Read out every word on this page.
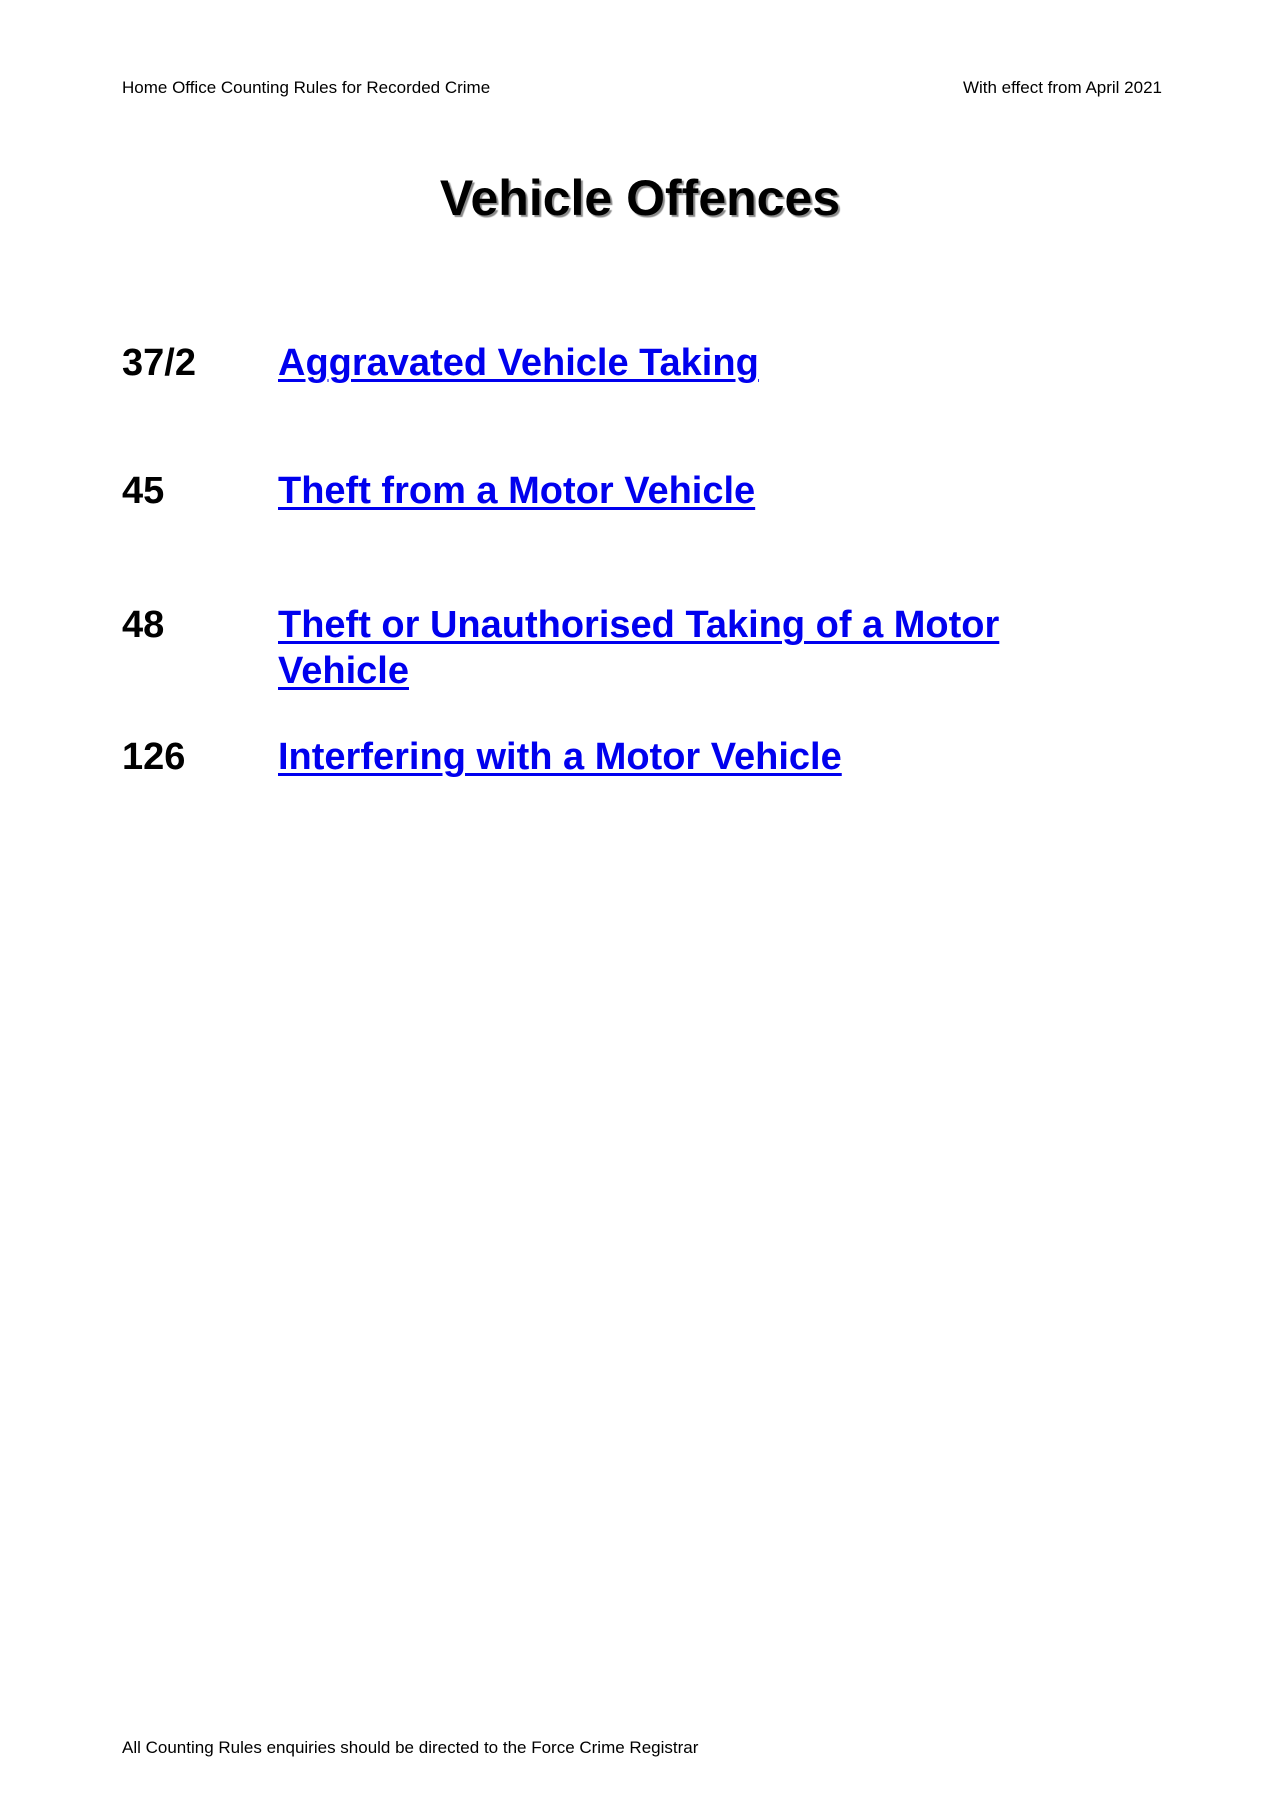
Home Office Counting Rules for Recorded Crime	With effect from April 2021
Vehicle Offences
37/2	Aggravated Vehicle Taking
45	Theft from a Motor Vehicle
48	Theft or Unauthorised Taking of a Motor Vehicle
126	Interfering with a Motor Vehicle
All Counting Rules enquiries should be directed to the Force Crime Registrar
